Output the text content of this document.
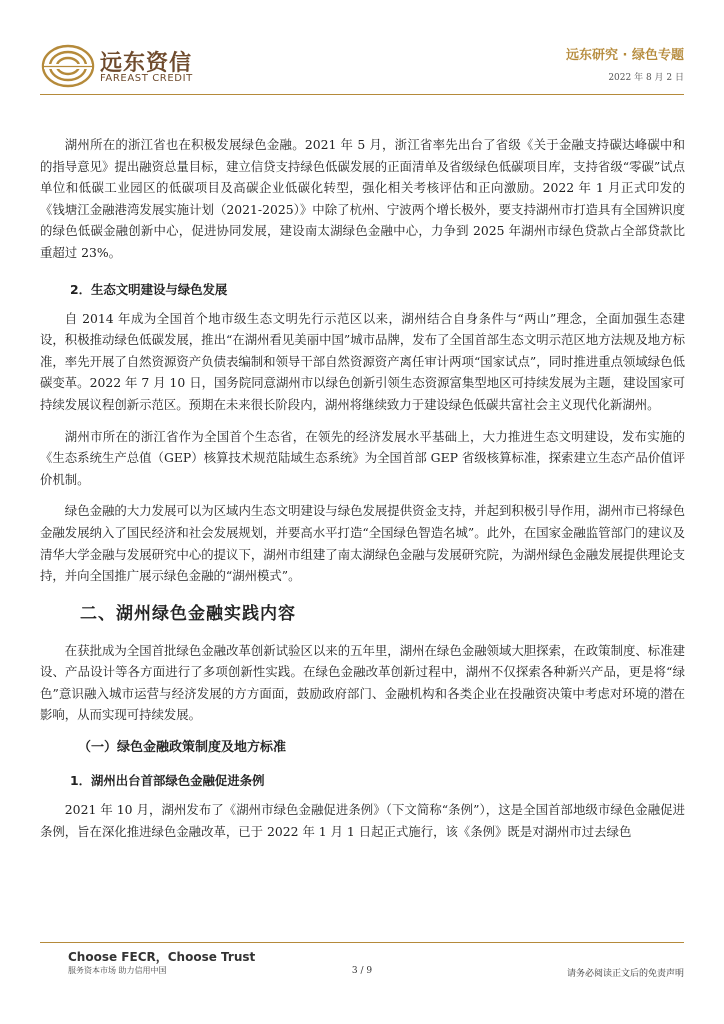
远东资信
FAREAST CREDIT
远东研究 · 绿色专题
2022 年 8 月 2 日

湖州所在的浙江省也在积极发展绿色金融。2021 年 5 月，浙江省率先出台了省级《关于金融支持碳达峰碳中和的指导意见》提出融资总量目标，建立信贷支持绿色低碳发展的正面清单及省级绿色低碳项目库，支持省级“零碳”试点单位和低碳工业园区的低碳项目及高碳企业低碳化转型，强化相关考核评估和正向激励。2022 年 1 月正式印发的《钱塘江金融港湾发展实施计划（2021-2025）》中除了杭州、宁波两个增长极外，要支持湖州市打造具有全国辨识度的绿色低碳金融创新中心，促进协同发展，建设南太湖绿色金融中心，力争到 2025 年湖州市绿色贷款占全部贷款比重超过 23%。

2．生态文明建设与绿色发展

自 2014 年成为全国首个地市级生态文明先行示范区以来，湖州结合自身条件与“两山”理念，全面加强生态建设，积极推动绿色低碳发展，推出“在湖州看见美丽中国”城市品牌，发布了全国首部生态文明示范区地方法规及地方标准，率先开展了自然资源资产负债表编制和领导干部自然资源资产离任审计两项“国家试点”，同时推进重点领域绿色低碳变革。2022 年 7 月 10 日，国务院同意湖州市以绿色创新引领生态资源富集型地区可持续发展为主题，建设国家可持续发展议程创新示范区。预期在未来很长阶段内，湖州将继续致力于建设绿色低碳共富社会主义现代化新湖州。

湖州市所在的浙江省作为全国首个生态省，在领先的经济发展水平基础上，大力推进生态文明建设，发布实施的《生态系统生产总值（GEP）核算技术规范陆域生态系统》为全国首部 GEP 省级核算标准，探索建立生态产品价值评价机制。

绿色金融的大力发展可以为区域内生态文明建设与绿色发展提供资金支持，并起到积极引导作用，湖州市已将绿色金融发展纳入了国民经济和社会发展规划，并要高水平打造“全国绿色智造名城”。此外，在国家金融监管部门的建议及清华大学金融与发展研究中心的提议下，湖州市组建了南太湖绿色金融与发展研究院，为湖州绿色金融发展提供理论支持，并向全国推广展示绿色金融的“湖州模式”。

二、湖州绿色金融实践内容

在获批成为全国首批绿色金融改革创新试验区以来的五年里，湖州在绿色金融领域大胆探索，在政策制度、标准建设、产品设计等各方面进行了多项创新性实践。在绿色金融改革创新过程中，湖州不仅探索各种新兴产品，更是将“绿色”意识融入城市运营与经济发展的方方面面，鼓励政府部门、金融机构和各类企业在投融资决策中考虑对环境的潜在影响，从而实现可持续发展。

（一）绿色金融政策制度及地方标准
1．湖州出台首部绿色金融促进条例

2021 年 10 月，湖州发布了《湖州市绿色金融促进条例》（下文简称“条例”），这是全国首部地级市绿色金融促进条例，旨在深化推进绿色金融改革，已于 2022 年 1 月 1 日起正式施行，该《条例》既是对湖州市过去绿色

Choose FECR，Choose Trust
服务资本市场 助力信用中国	3 / 9	请务必阅读正文后的免责声明
